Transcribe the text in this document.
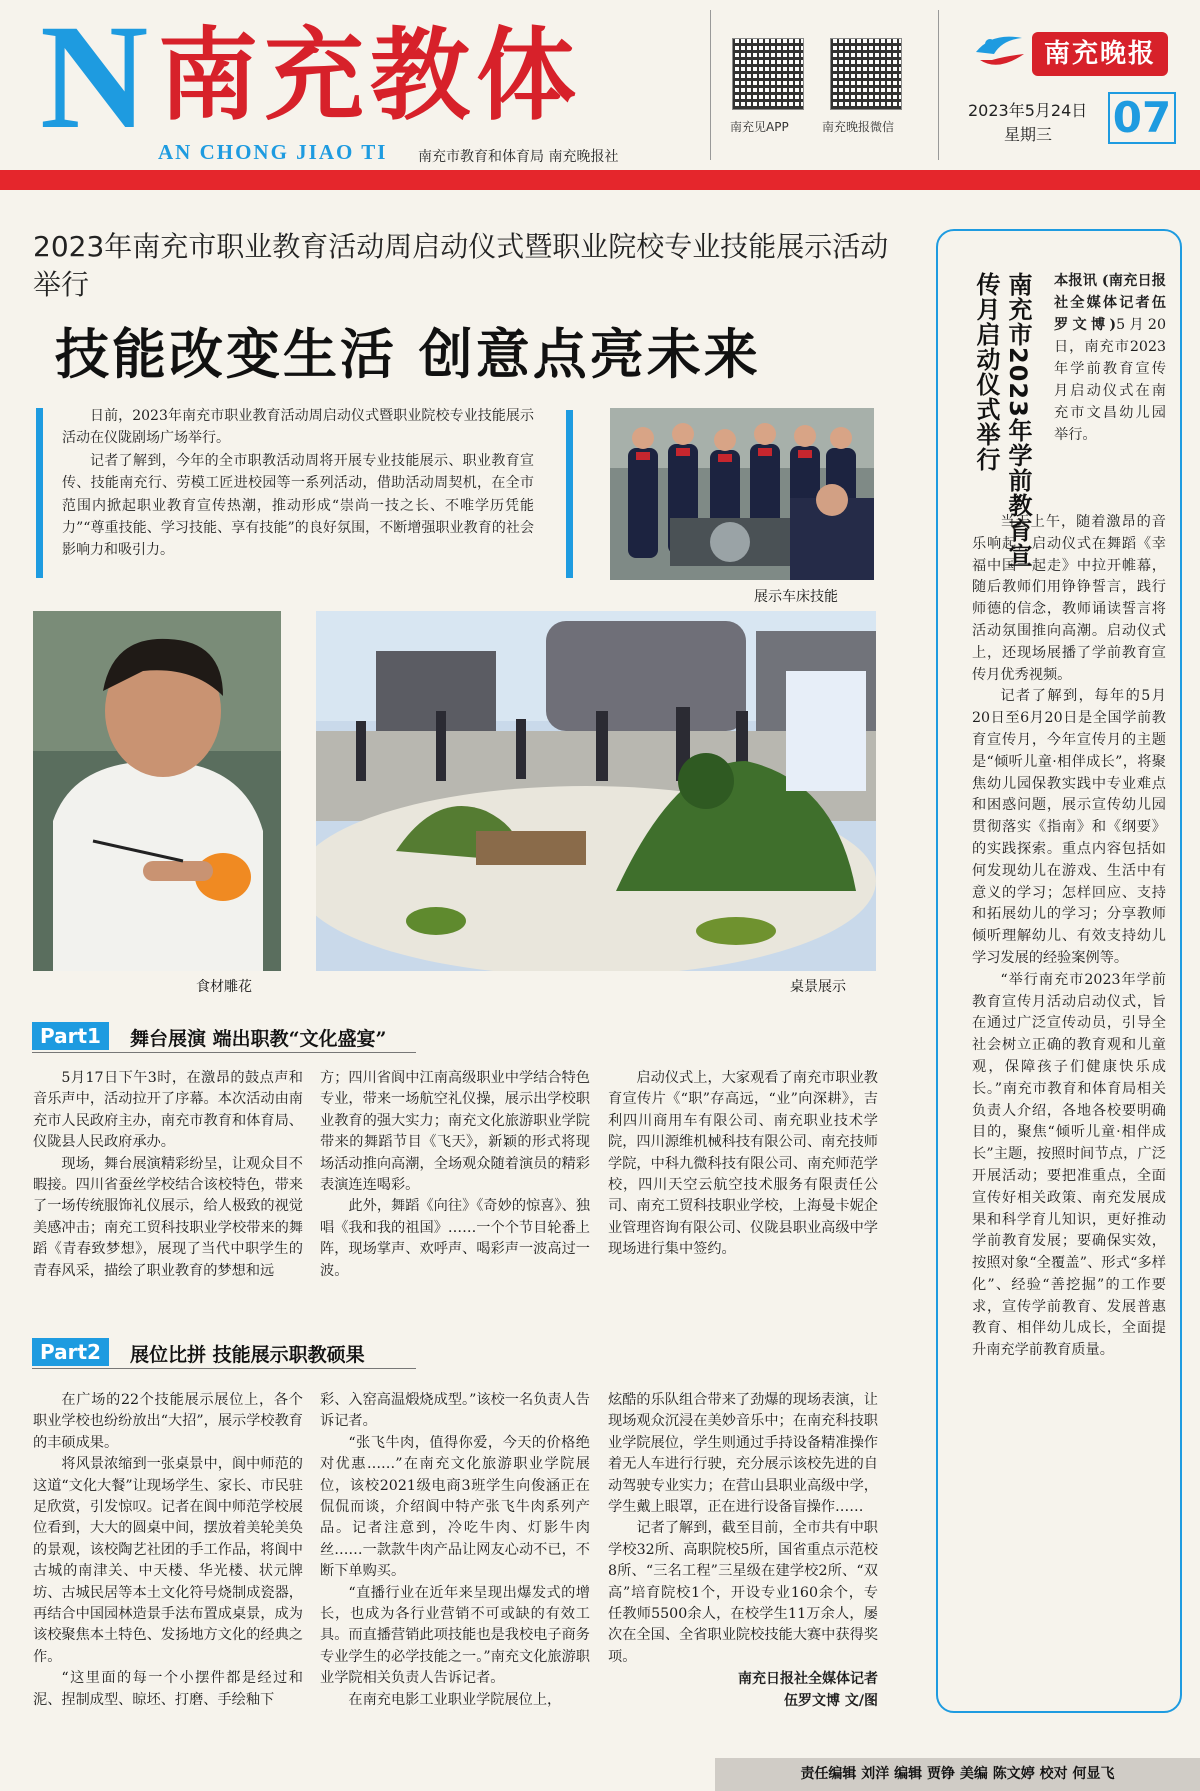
N 南充教体
AN CHONG JIAO TI 南充市教育和体育局 南充晚报社
南充见APP	南充晚报微信
南充晚报
2023年5月24日
星期三 07
2023年南充市职业教育活动周启动仪式暨职业院校专业技能展示活动举行
技能改变生活 创意点亮未来

日前，2023年南充市职业教育活动周启动仪式暨职业院校专业技能展示活动在仪陇剧场广场举行。

记者了解到，今年的全市职教活动周将开展专业技能展示、职业教育宣传、技能南充行、劳模工匠进校园等一系列活动，借助活动周契机，在全市范围内掀起职业教育宣传热潮，推动形成“崇尚一技之长、不唯学历凭能力”“尊重技能、学习技能、享有技能”的良好氛围，不断增强职业教育的社会影响力和吸引力。

展示车床技能
食材雕花	桌景展示
Part1	舞台展演 端出职教“文化盛宴”

5月17日下午3时，在激昂的鼓点声和音乐声中，活动拉开了序幕。本次活动由南充市人民政府主办，南充市教育和体育局、仪陇县人民政府承办。

现场，舞台展演精彩纷呈，让观众目不暇接。四川省蚕丝学校结合该校特色，带来了一场传统服饰礼仪展示，给人极致的视觉美感冲击；南充工贸科技职业学校带来的舞蹈《青春致梦想》，展现了当代中职学生的青春风采，描绘了职业教育的梦想和远

方；四川省阆中江南高级职业中学结合特色专业，带来一场航空礼仪操，展示出学校职业教育的强大实力；南充文化旅游职业学院带来的舞蹈节目《飞天》，新颖的形式将现场活动推向高潮，全场观众随着演员的精彩表演连连喝彩。

此外，舞蹈《向往》《奇妙的惊喜》、独唱《我和我的祖国》……一个个节目轮番上阵，现场掌声、欢呼声、喝彩声一波高过一波。

启动仪式上，大家观看了南充市职业教育宣传片《“职”存高远，“业”向深耕》，吉利四川商用车有限公司、南充职业技术学院，四川源维机械科技有限公司、南充技师学院，中科九微科技有限公司、南充师范学校，四川天空云航空技术服务有限责任公司、南充工贸科技职业学校，上海曼卡妮企业管理咨询有限公司、仪陇县职业高级中学现场进行集中签约。

Part2	展位比拼 技能展示职教硕果

在广场的22个技能展示展位上，各个职业学校也纷纷放出“大招”，展示学校教育的丰硕成果。

将风景浓缩到一张桌景中，阆中师范的这道“文化大餐”让现场学生、家长、市民驻足欣赏，引发惊叹。记者在阆中师范学校展位看到，大大的圆桌中间，摆放着美轮美奂的景观，该校陶艺社团的手工作品，将阆中古城的南津关、中天楼、华光楼、状元牌坊、古城民居等本土文化符号烧制成瓷器，再结合中国园林造景手法布置成桌景，成为该校聚焦本土特色、发扬地方文化的经典之作。

“这里面的每一个小摆件都是经过和泥、捏制成型、晾坯、打磨、手绘釉下

彩、入窑高温煅烧成型。”该校一名负责人告诉记者。

“张飞牛肉，值得你爱，今天的价格绝对优惠……”在南充文化旅游职业学院展位，该校2021级电商3班学生向俊涵正在侃侃而谈，介绍阆中特产张飞牛肉系列产品。记者注意到，冷吃牛肉、灯影牛肉丝……一款款牛肉产品让网友心动不已，不断下单购买。

“直播行业在近年来呈现出爆发式的增长，也成为各行业营销不可或缺的有效工具。而直播营销此项技能也是我校电子商务专业学生的必学技能之一。”南充文化旅游职业学院相关负责人告诉记者。

在南充电影工业职业学院展位上，

炫酷的乐队组合带来了劲爆的现场表演，让现场观众沉浸在美妙音乐中；在南充科技职业学院展位，学生则通过手持设备精准操作着无人车进行行驶，充分展示该校先进的自动驾驶专业实力；在营山县职业高级中学，学生戴上眼罩，正在进行设备盲操作……

记者了解到，截至目前，全市共有中职学校32所、高职院校5所，国省重点示范校8所、“三名工程”三星级在建学校2所、“双高”培育院校1个，开设专业160余个，专任教师5500余人，在校学生11万余人，屡次在全国、全省职业院校技能大赛中获得奖项。

南充日报社全媒体记者
伍罗文博 文/图
南充市2023年学前教育宣传月启动仪式举行	本报讯 (南充日报社全媒体记者伍罗文博)5月20日，南充市2023年学前教育宣传月启动仪式在南充市文昌幼儿园举行。

当天上午，随着激昂的音乐响起，启动仪式在舞蹈《幸福中国一起走》中拉开帷幕，随后教师们用铮铮誓言，践行师德的信念，教师诵读誓言将活动氛围推向高潮。启动仪式上，还现场展播了学前教育宣传月优秀视频。

记者了解到，每年的5月20日至6月20日是全国学前教育宣传月，今年宣传月的主题是“倾听儿童·相伴成长”，将聚焦幼儿园保教实践中专业难点和困惑问题，展示宣传幼儿园贯彻落实《指南》和《纲要》的实践探索。重点内容包括如何发现幼儿在游戏、生活中有意义的学习；怎样回应、支持和拓展幼儿的学习；分享教师倾听理解幼儿、有效支持幼儿学习发展的经验案例等。

“举行南充市2023年学前教育宣传月活动启动仪式，旨在通过广泛宣传动员，引导全社会树立正确的教育观和儿童观，保障孩子们健康快乐成长。”南充市教育和体育局相关负责人介绍，各地各校要明确目的，聚焦“倾听儿童·相伴成长”主题，按照时间节点，广泛开展活动；要把准重点，全面宣传好相关政策、南充发展成果和科学育儿知识，更好推动学前教育发展；要确保实效，按照对象“全覆盖”、形式“多样化”、经验“善挖掘”的工作要求，宣传学前教育、发展普惠教育、相伴幼儿成长，全面提升南充学前教育质量。

责任编辑 刘洋 编辑 贾铮 美编 陈文婷 校对 何显飞
